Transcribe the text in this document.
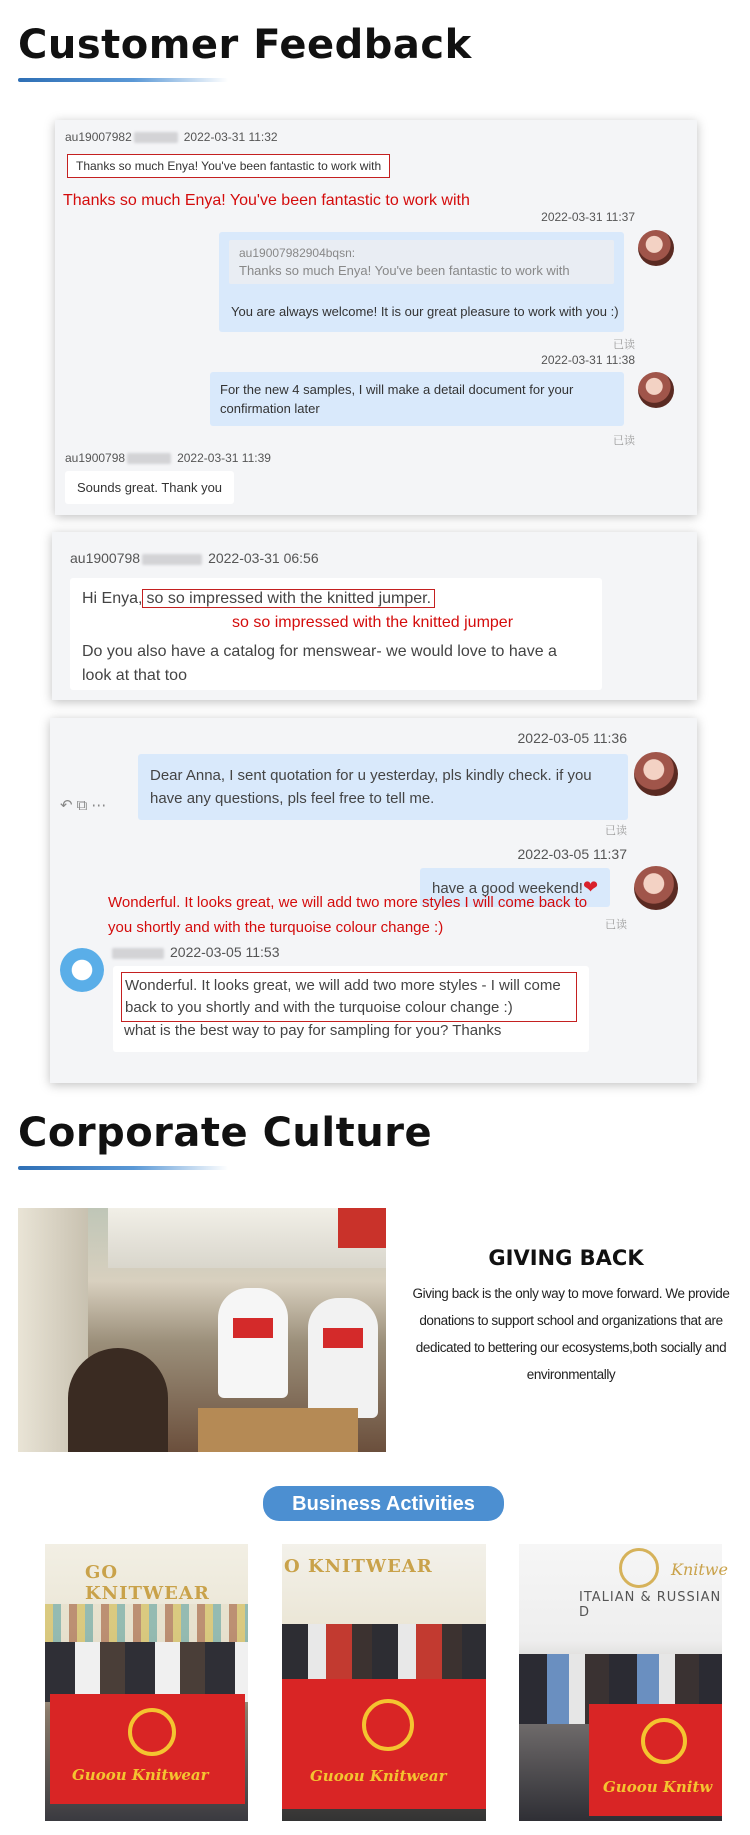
Customer Feedback
au19007982	2022-03-31 11:32
Thanks so much Enya! You've been fantastic to work with
Thanks so much Enya! You've been fantastic to work with
2022-03-31 11:37
au19007982904bqsn:
Thanks so much Enya! You've been fantastic to work with
You are always welcome! It is our great pleasure to work with you :)
已读
2022-03-31 11:38
For the new 4 samples, I will make a detail document for your confirmation later
已读
au1900798	2022-03-31 11:39
Sounds great. Thank you
au1900798	2022-03-31 06:56
Hi Enya, so so impressed with the knitted jumper.
so so impressed with the knitted jumper
Do you also have a catalog for menswear- we would love to have a look at that too
2022-03-05 11:36
↶⧉⋯
Dear Anna, I sent quotation for u yesterday, pls kindly check. if you have any questions, pls feel free to tell me.
已读
2022-03-05 11:37
have a good weekend!❤
已读
Wonderful. It looks great, we will add two more styles I will come back to you shortly and with the turquoise colour change :)
2022-03-05 11:53
Wonderful. It looks great, we will add two more styles - I will come back to you shortly and with the turquoise colour change :)
what is the best way to pay for sampling for you? Thanks
Corporate Culture
GIVING BACK
Giving back is the only way to move forward. We provide donations to support school and organizations that are dedicated to bettering our ecosystems,both socially and environmentally
Business Activities
GO KNITWEAR
Guoou Knitwear
O KNITWEAR
Guoou Knitwear
Knitwe
ITALIAN & RUSSIAN D
Guoou Knitw
